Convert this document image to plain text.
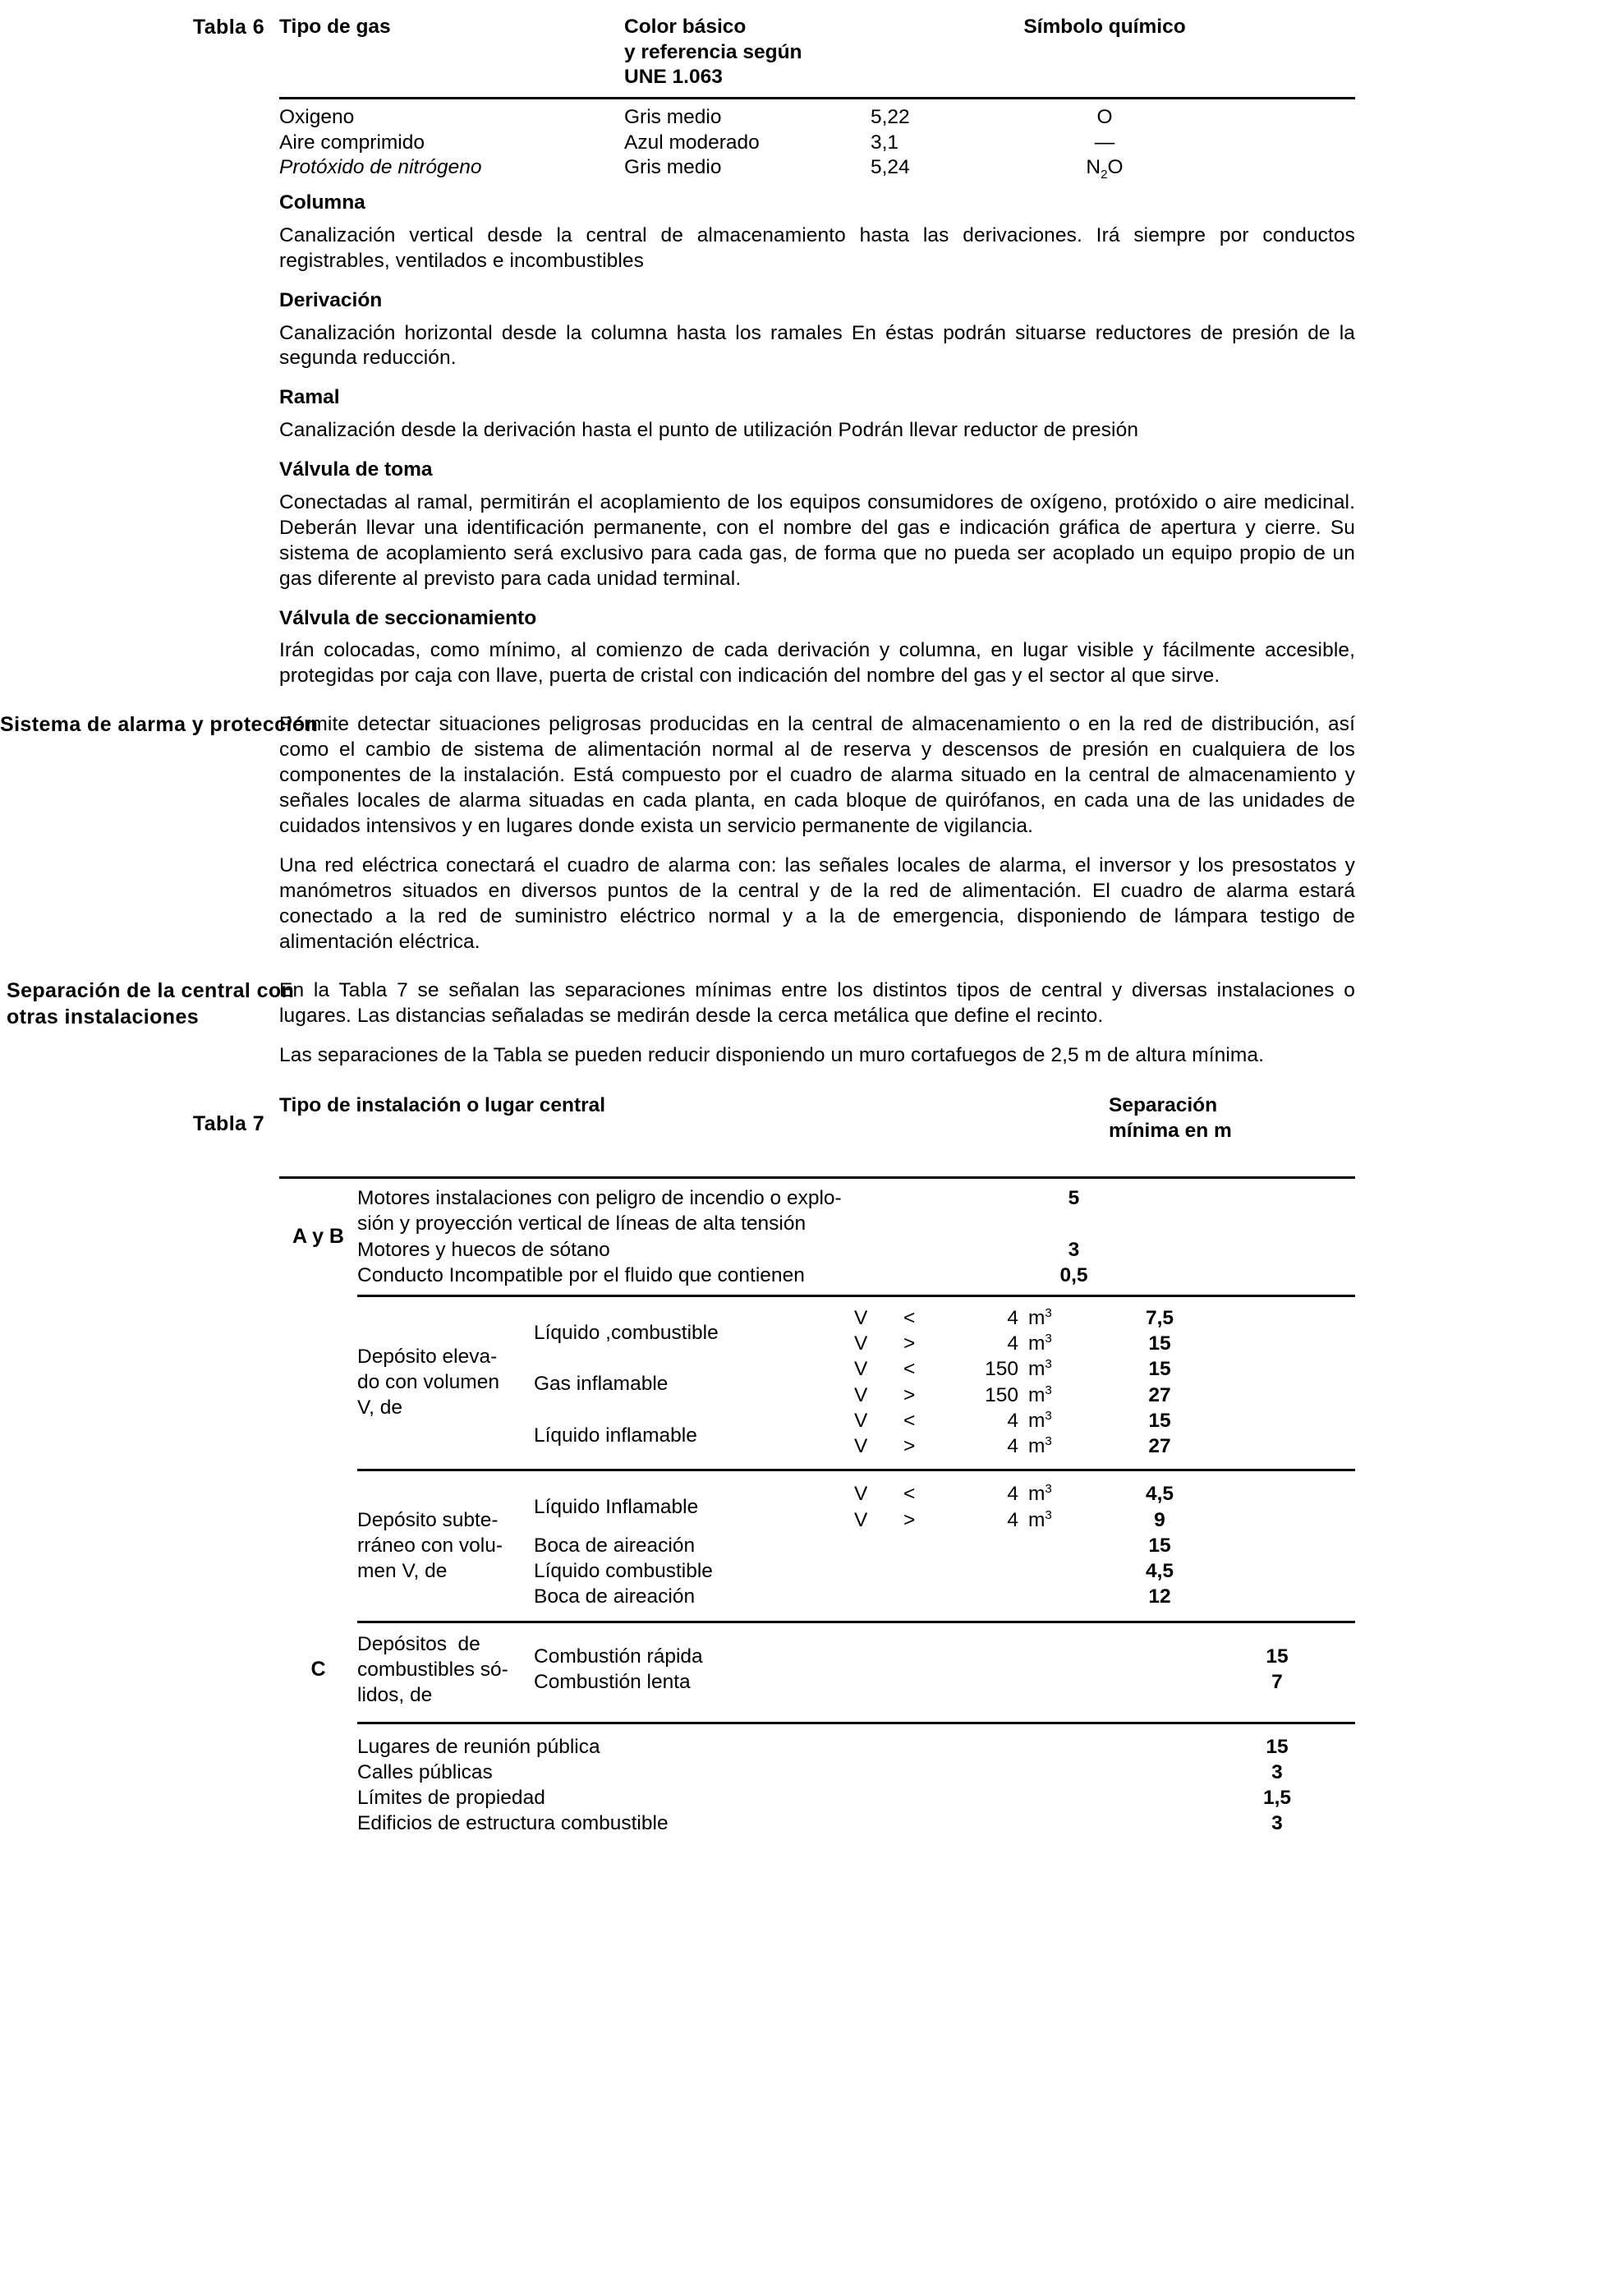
Tabla 6 Tipo de gas	Color básico
y referencia según
UNE 1.063
Símbolo químico
Oxigeno	Gris medio	5,22	O
Aire comprimido	Azul moderado	3,1	—
Protóxido de nitrógeno	Gris medio	5,24	$N_2O$
Columna

Canalización vertical desde la central de almacenamiento hasta las derivaciones. Irá siempre por conductos registrables, ventilados e incombustibles

Derivación

Canalización horizontal desde la columna hasta los ramales En éstas podrán situarse reductores de presión de la segunda reducción.

Ramal

Canalización desde la derivación hasta el punto de utilización Podrán llevar reductor de presión

Válvula de toma

Conectadas al ramal, permitirán el acoplamiento de los equipos consumidores de oxígeno, protóxido o aire medicinal. Deberán llevar una identificación permanente, con el nombre del gas e indicación gráfica de apertura y cierre. Su sistema de acoplamiento será exclusivo para cada gas, de forma que no pueda ser acoplado un equipo propio de un gas diferente al previsto para cada unidad terminal.

Válvula de seccionamiento

Irán colocadas, como mínimo, al comienzo de cada derivación y columna, en lugar visible y fácilmente accesible, protegidas por caja con llave, puerta de cristal con indicación del nombre del gas y el sector al que sirve.

Sistema de alarma y protección

Permite detectar situaciones peligrosas producidas en la central de almacenamiento o en la red de distribución, así como el cambio de sistema de alimentación normal al de reserva y descensos de presión en cualquiera de los componentes de la instalación. Está compuesto por el cuadro de alarma situado en la central de almacenamiento y señales locales de alarma situadas en cada planta, en cada bloque de quirófanos, en cada una de las unidades de cuidados intensivos y en lugares donde exista un servicio permanente de vigilancia.

Una red eléctrica conectará el cuadro de alarma con: las señales locales de alarma, el inversor y los presostatos y manómetros situados en diversos puntos de la central y de la red de alimentación. El cuadro de alarma estará conectado a la red de suministro eléctrico normal y a la de emergencia, disponiendo de lámpara testigo de alimentación eléctrica.

Separación de la central con
otras instalaciones

En la Tabla 7 se señalan las separaciones mínimas entre los distintos tipos de central y diversas instalaciones o lugares. Las distancias señaladas se medirán desde la cerca metálica que define el recinto.

Las separaciones de la Tabla se pueden reducir disponiendo un muro cortafuegos de 2,5 m de altura mínima.

Tabla 7
Tipo de instalación o lugar central	Separación
mínima en m
A y B
Motores instalaciones con peligro de incendio o explo-
sión y proyección vertical de líneas de alta tensión
5
Motores y huecos de sótano	3
Conducto Incompatible por el fluido que contienen	0,5
Depósito eleva-
do con volumen
V, de
Líquido ,combustible
V	<	4 $m^3$	7,5
V	>	4 $m^3$	15
Gas inflamable
V	<	150 $m^3$	15
V	>	150 $m^3$	27
Líquido inflamable
V	<	4 $m^3$	15
V	>	4 $m^3$	27
Depósito subte-
rráneo con volu-
men V, de
Líquido Inflamable
V	<	4 $m^3$	4,5
V	>	4 $m^3$	9
Boca de aireación	15
Líquido combustible	4,5
Boca de aireación	12
C
Depósitos  de
combustibles só-
lidos, de
Combustión rápida	15
Combustión lenta	7
Lugares de reunión pública	15
Calles públicas	3
Límites de propiedad	1,5
Edificios de estructura combustible	3
